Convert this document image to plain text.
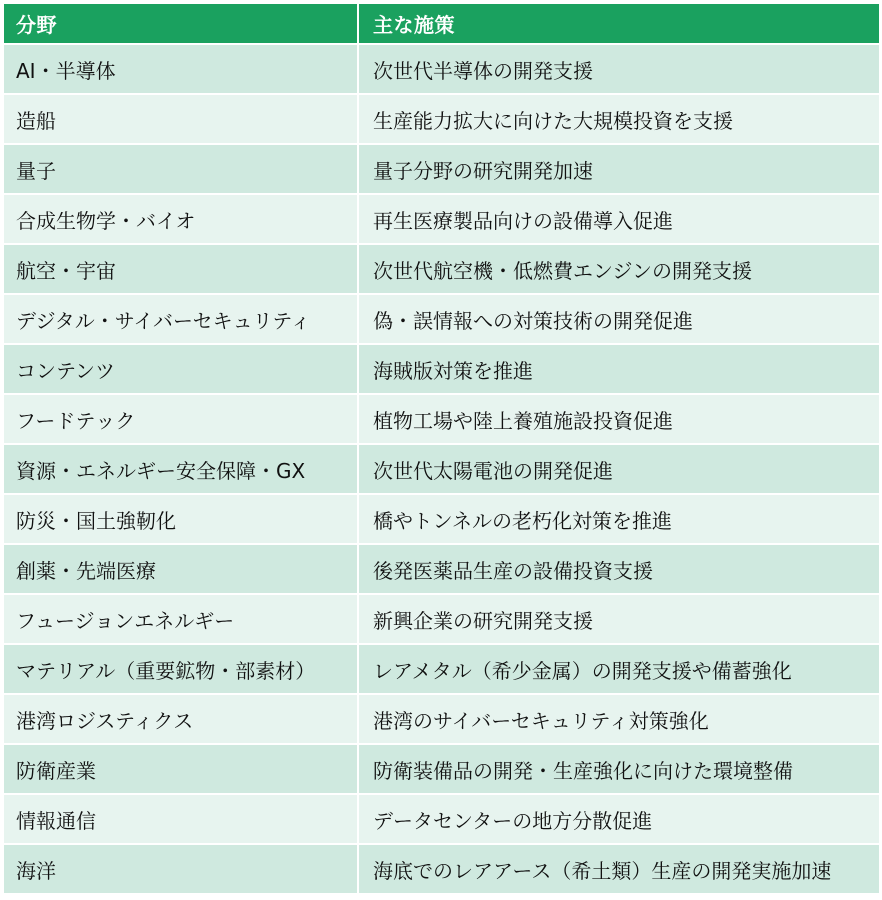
分野	主な施策
AI・半導体	次世代半導体の開発支援
造船	生産能力拡大に向けた大規模投資を支援
量子	量子分野の研究開発加速
合成生物学・バイオ	再生医療製品向けの設備導入促進
航空・宇宙	次世代航空機・低燃費エンジンの開発支援
デジタル・サイバーセキュリティ	偽・誤情報への対策技術の開発促進
コンテンツ	海賊版対策を推進
フードテック	植物工場や陸上養殖施設投資促進
資源・エネルギー安全保障・GX	次世代太陽電池の開発促進
防災・国土強靭化	橋やトンネルの老朽化対策を推進
創薬・先端医療	後発医薬品生産の設備投資支援
フュージョンエネルギー	新興企業の研究開発支援
マテリアル（重要鉱物・部素材）	レアメタル（希少金属）の開発支援や備蓄強化
港湾ロジスティクス	港湾のサイバーセキュリティ対策強化
防衛産業	防衛装備品の開発・生産強化に向けた環境整備
情報通信	データセンターの地方分散促進
海洋	海底でのレアアース（希土類）生産の開発実施加速
